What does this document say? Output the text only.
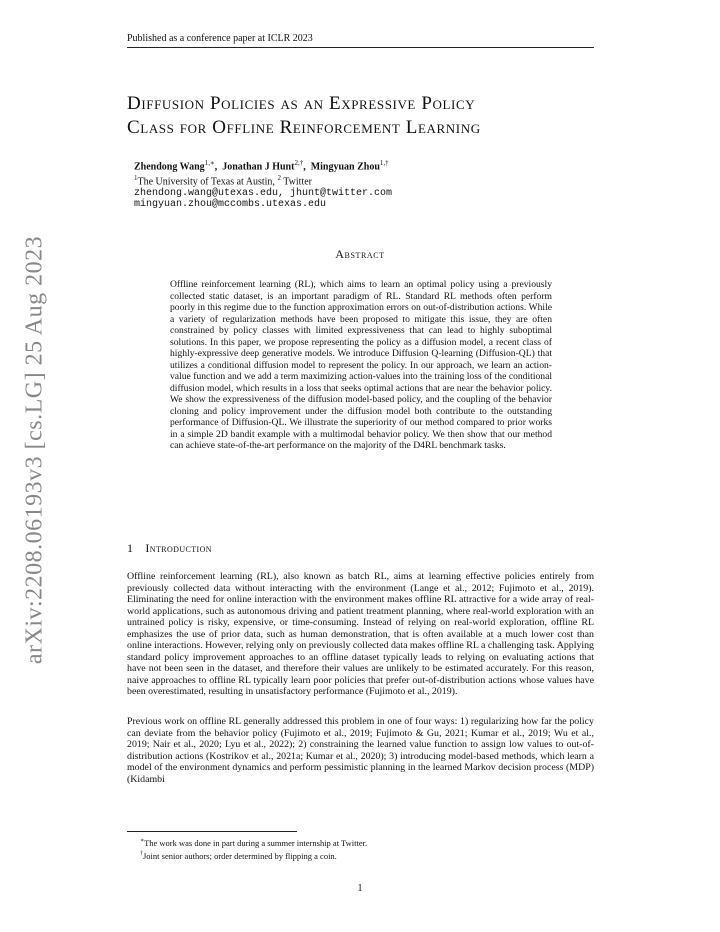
Published as a conference paper at ICLR 2023
arXiv:2208.06193v3 [cs.LG] 25 Aug 2023
Diffusion Policies as an Expressive Policy
Class for Offline Reinforcement Learning
Zhendong Wang$^{1,∗}$,  Jonathan J Hunt$^{2,\dagger}$,  Mingyuan Zhou$^{1,\dagger}$
$^1$The University of Texas at Austin, $^2$ Twitter
zhendong.wang@utexas.edu, jhunt@twitter.com
mingyuan.zhou@mccombs.utexas.edu
Abstract
Offline reinforcement learning (RL), which aims to learn an optimal policy using a previously collected static dataset, is an important paradigm of RL. Standard RL methods often perform poorly in this regime due to the function approximation errors on out-of-distribution actions. While a variety of regularization methods have been proposed to mitigate this issue, they are often constrained by policy classes with limited expressiveness that can lead to highly suboptimal solutions. In this paper, we propose representing the policy as a diffusion model, a recent class of highly-expressive deep generative models. We introduce Diffusion Q-learning (Diffusion-QL) that utilizes a conditional diffusion model to represent the policy. In our approach, we learn an action-value function and we add a term maximizing action-values into the training loss of the conditional diffusion model, which results in a loss that seeks optimal actions that are near the behavior policy. We show the expressiveness of the diffusion model-based policy, and the coupling of the behavior cloning and policy improvement under the diffusion model both contribute to the outstanding performance of Diffusion-QL. We illustrate the superiority of our method compared to prior works in a simple 2D bandit example with a multimodal behavior policy. We then show that our method can achieve state-of-the-art performance on the majority of the D4RL benchmark tasks.
1 Introduction
Offline reinforcement learning (RL), also known as batch RL, aims at learning effective policies entirely from previously collected data without interacting with the environment (Lange et al., 2012; Fujimoto et al., 2019). Eliminating the need for online interaction with the environment makes offline RL attractive for a wide array of real-world applications, such as autonomous driving and patient treatment planning, where real-world exploration with an untrained policy is risky, expensive, or time-consuming. Instead of relying on real-world exploration, offline RL emphasizes the use of prior data, such as human demonstration, that is often available at a much lower cost than online interactions. However, relying only on previously collected data makes offline RL a challenging task. Applying standard policy improvement approaches to an offline dataset typically leads to relying on evaluating actions that have not been seen in the dataset, and therefore their values are unlikely to be estimated accurately. For this reason, naive approaches to offline RL typically learn poor policies that prefer out-of-distribution actions whose values have been overestimated, resulting in unsatisfactory performance (Fujimoto et al., 2019).
Previous work on offline RL generally addressed this problem in one of four ways: 1) regularizing how far the policy can deviate from the behavior policy (Fujimoto et al., 2019; Fujimoto & Gu, 2021; Kumar et al., 2019; Wu et al., 2019; Nair et al., 2020; Lyu et al., 2022); 2) constraining the learned value function to assign low values to out-of-distribution actions (Kostrikov et al., 2021a; Kumar et al., 2020); 3) introducing model-based methods, which learn a model of the environment dynamics and perform pessimistic planning in the learned Markov decision process (MDP) (Kidambi
∗The work was done in part during a summer internship at Twitter.
†Joint senior authors; order determined by flipping a coin.
1
